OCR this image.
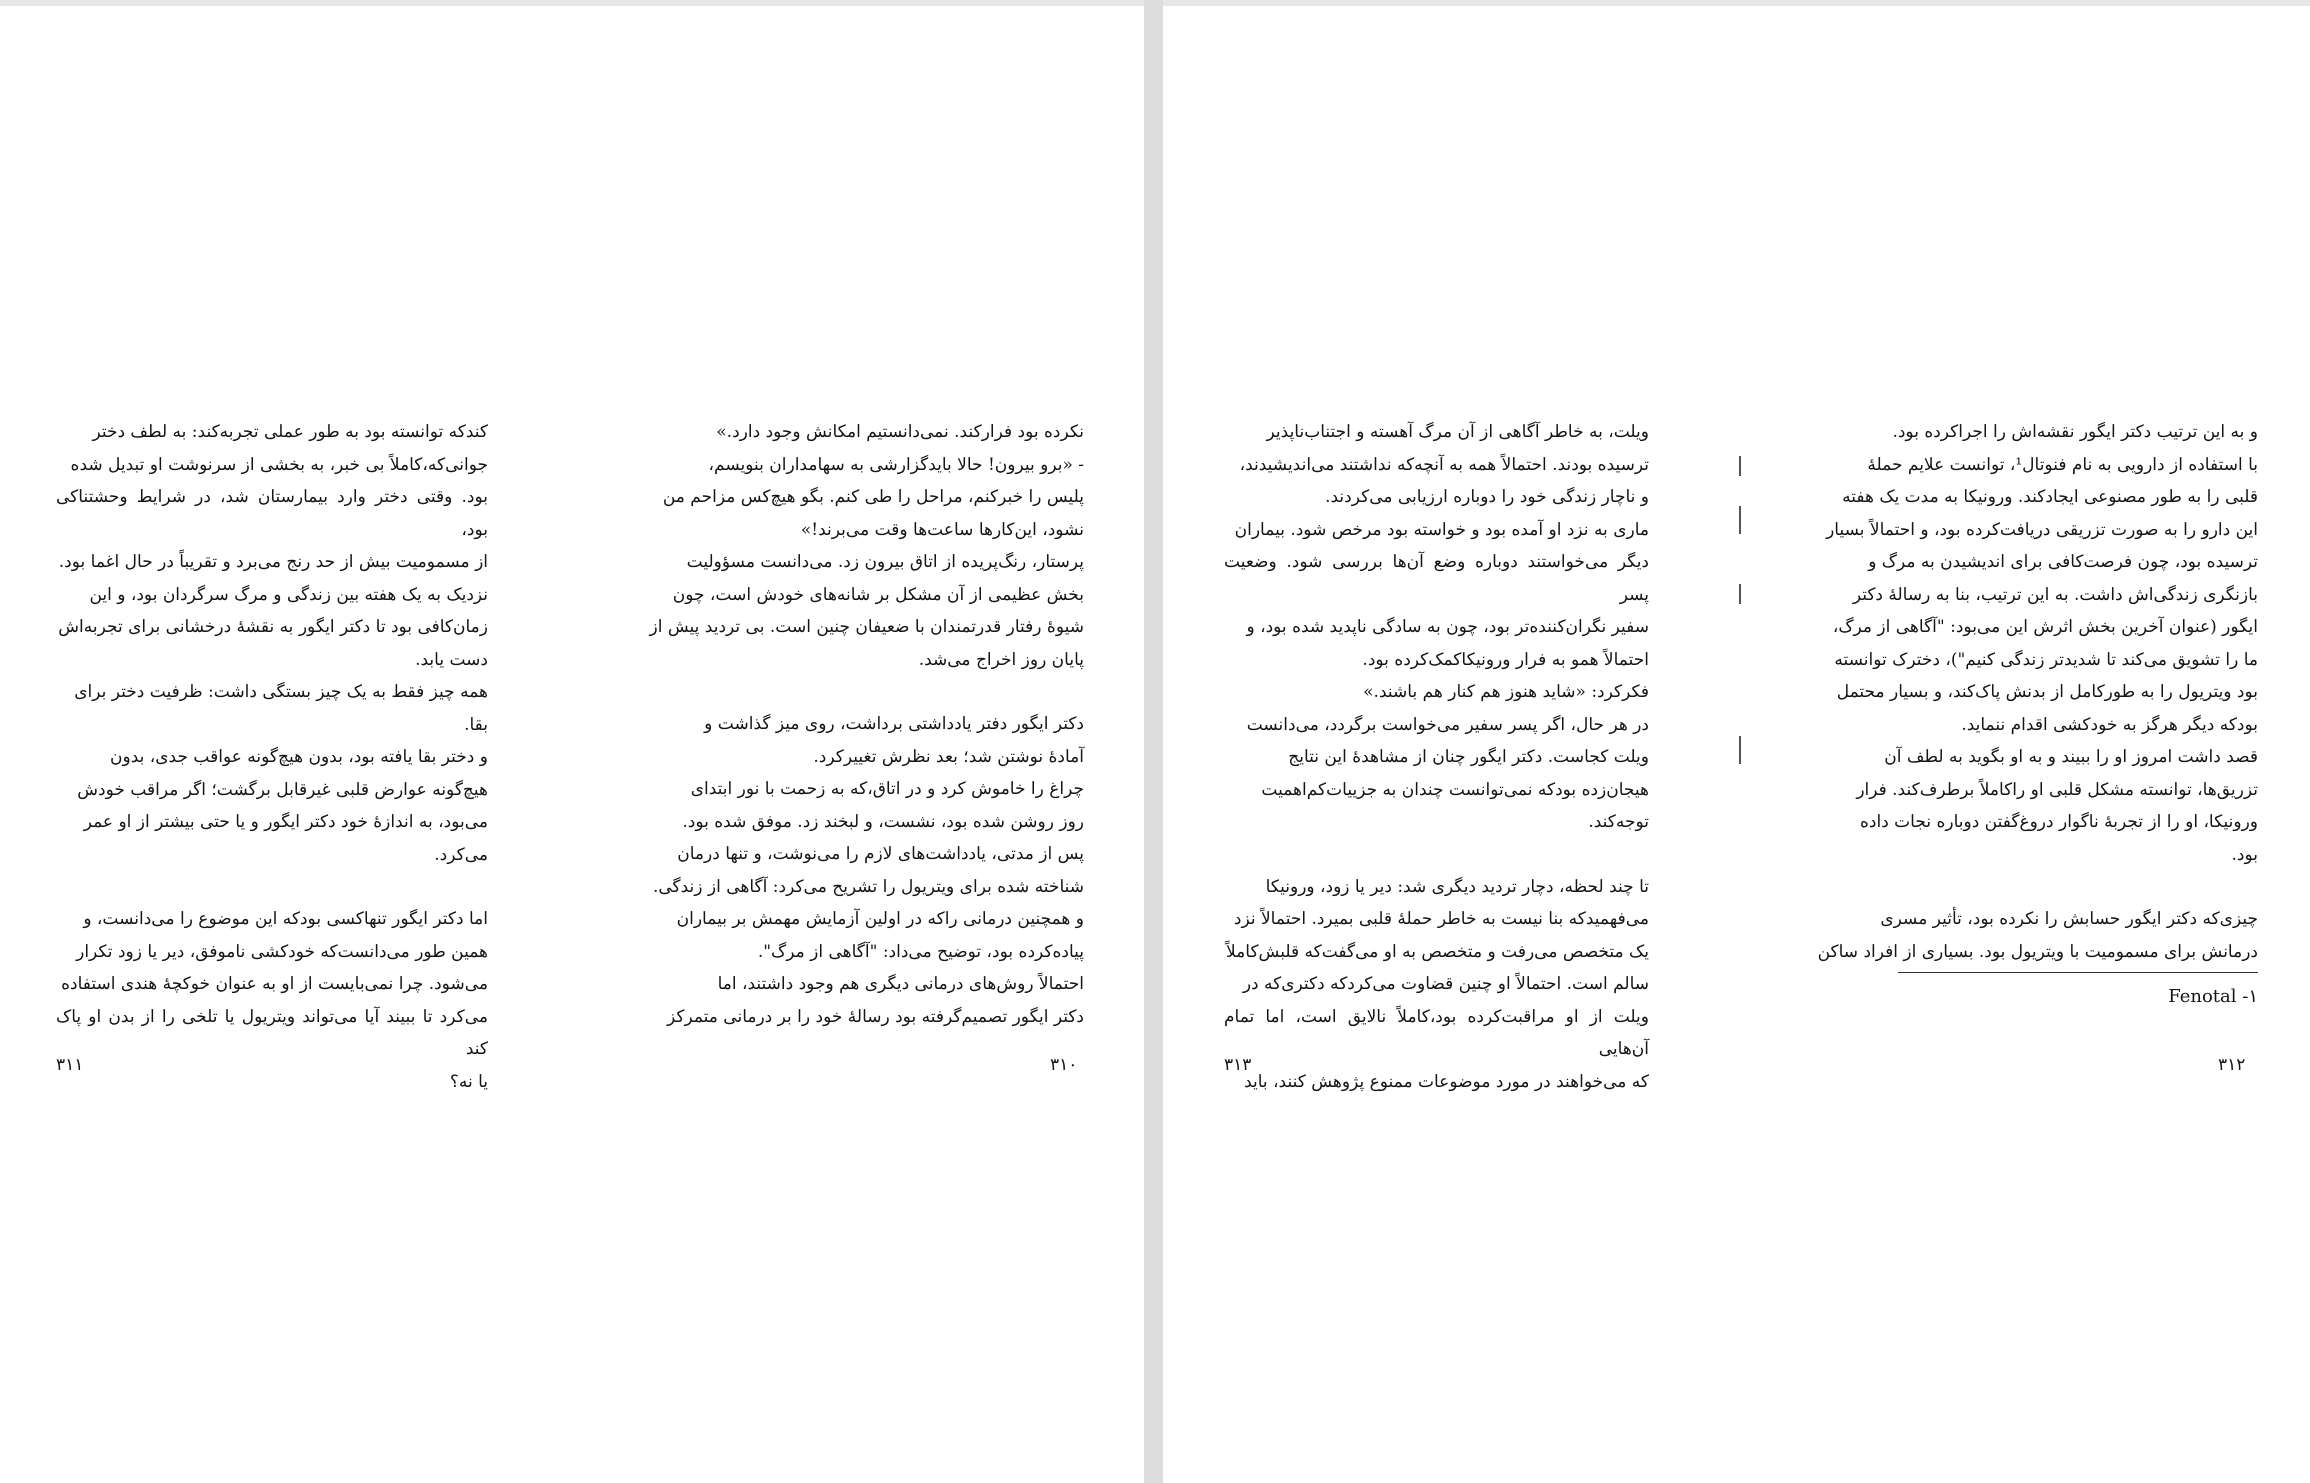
کندکه توانسته بود به طور عملی تجربه‌کند: به لطف دختر
جوانی‌که،کاملاً بی خبر، به بخشی از سرنوشت او تبدیل شده
بود. وقتی دختر وارد بیمارستان شد، در شرایط وحشتناکی بود،
از مسمومیت بیش از حد رنج می‌برد و تقریباً در حال اغما بود.
نزدیک به یک هفته بین زندگی و مرگ سرگردان بود، و این
زمان‌کافی بود تا دکتر ایگور به نقشهٔ درخشانی برای تجربه‌اش
دست یابد.
همه چیز فقط به یک چیز بستگی داشت: ظرفیت دختر برای
بقا.
و دختر بقا یافته بود، بدون هیچ‌گونه عواقب جدی، بدون
هیچ‌گونه عوارض قلبی غیرقابل برگشت؛ اگر مراقب خودش
می‌بود، به اندازهٔ خود دکتر ایگور و یا حتی بیشتر از او عمر
می‌کرد.

اما دکتر ایگور تنهاکسی بودکه این موضوع را می‌دانست، و
همین طور می‌دانست‌که خودکشی ناموفق، دیر یا زود تکرار
می‌شود. چرا نمی‌بایست از او به عنوان خوکچهٔ هندی استفاده
می‌کرد تا ببیند آیا می‌تواند ویتریول یا تلخی را از بدن او پاک کند
یا نه؟

۳۱۱

نکرده بود فرارکند. نمی‌دانستیم امکانش وجود دارد.»
- «برو بیرون! حالا باید‌گزارشی به سهامداران بنویسم،
پلیس را خبرکنم، مراحل را طی کنم. بگو هیچ‌کس مزاحم من
نشود، این‌کارها ساعت‌ها وقت می‌برند!»
پرستار، رنگ‌پریده از اتاق بیرون زد. می‌دانست مسؤولیت
بخش عظیمی از آن مشکل بر شانه‌های خودش است، چون
شیوهٔ رفتار قدرتمندان با ضعیفان چنین است. بی تردید پیش از
پایان روز اخراج می‌شد.

دکتر ایگور دفتر یادداشتی برداشت، روی میز گذاشت و
آمادهٔ نوشتن شد؛ بعد نظرش تغییرکرد.
چراغ را خاموش کرد و در اتاق،که به زحمت با نور ابتدای
روز روشن شده بود، نشست، و لبخند زد. موفق شده بود.
پس از مدتی، یادداشت‌های لازم را می‌نوشت، و تنها درمان
شناخته شده برای ویتریول را تشریح می‌کرد: آگاهی از زندگی.
و همچنین درمانی راکه در اولین آزمایش مهمش بر بیماران
پیاده‌کرده بود، توضیح می‌داد: "آگاهی از مرگ".
احتمالاً روش‌های درمانی دیگری هم وجود داشتند، اما
دکتر ایگور تصمیم‌گرفته بود رسالهٔ خود را بر درمانی متمرکز

۳۱۰

ویلت، به خاطر آگاهی از آن مرگ آهسته و اجتناب‌ناپذیر
ترسیده بودند. احتمالاً همه به آنچه‌که نداشتند می‌اندیشیدند،
و ناچار زندگی خود را دوباره ارزیابی می‌کردند.
ماری به نزد او آمده بود و خواسته بود مرخص شود. بیماران
دیگر می‌خواستند دوباره وضع آن‌ها بررسی شود. وضعیت پسر
سفیر نگران‌کننده‌تر بود، چون به سادگی ناپدید شده بود، و
احتمالاً همو به فرار ورونیکاکمک‌کرده بود.
فکرکرد: «شاید هنوز هم کنار هم باشند.»
در هر حال، اگر پسر سفیر می‌خواست برگردد، می‌دانست
ویلت کجاست. دکتر ایگور چنان از مشاهدهٔ این نتایج
هیجان‌زده بود‌که نمی‌توانست چندان به جزییات‌کم‌اهمیت
توجه‌کند.

تا چند لحظه، دچار تردید دیگری شد: دیر یا زود، ورونیکا
می‌فهمید‌که بنا نیست به خاطر حملهٔ قلبی بمیرد. احتمالاً نزد
یک متخصص می‌رفت و متخصص به او می‌گفت‌که قلبش‌کاملاً
سالم است. احتمالاً او چنین قضاوت می‌کردکه دکتری‌که در
ویلت از او مراقبت‌کرده بود،کاملاً نالایق است، اما تمام آن‌هایی
که می‌خواهند در مورد موضوعات ممنوع پژوهش کنند، باید

۳۱۳

و به این ترتیب دکتر ایگور نقشه‌اش را اجراکرده بود.
با استفاده از دارویی به نام فنوتال¹، توانست علایم حملهٔ
قلبی را به طور مصنوعی ایجادکند. ورونیکا به مدت یک هفته
این دارو را به صورت تزریقی دریافت‌کرده بود، و احتمالاً بسیار
ترسیده بود، چون فرصت‌کافی برای اندیشیدن به مرگ و
بازنگری زندگی‌اش داشت. به این ترتیب، بنا به رسالهٔ دکتر
ایگور (عنوان آخرین بخش اثرش این می‌بود: "آگاهی از مرگ،
ما را تشویق می‌کند تا شدیدتر زندگی کنیم")، دخترک توانسته
بود ویتریول را به طورکامل از بدنش پاک‌کند، و بسیار محتمل
بودکه دیگر هرگز به خودکشی اقدام ننماید.
قصد داشت امروز او را ببیند و به او بگوید به لطف آن
تزریق‌ها، توانسته مشکل قلبی او راکاملاً برطرف‌کند. فرار
ورونیکا، او را از تجربهٔ ناگوار دروغ‌گفتن دوباره نجات داده
بود.

چیزی‌که دکتر ایگور حسابش را نکرده بود، تأثیر مسری
درمانش برای مسمومیت با ویتریول بود. بسیاری از افراد ساکن

۱- Fenotal
۳۱۲
